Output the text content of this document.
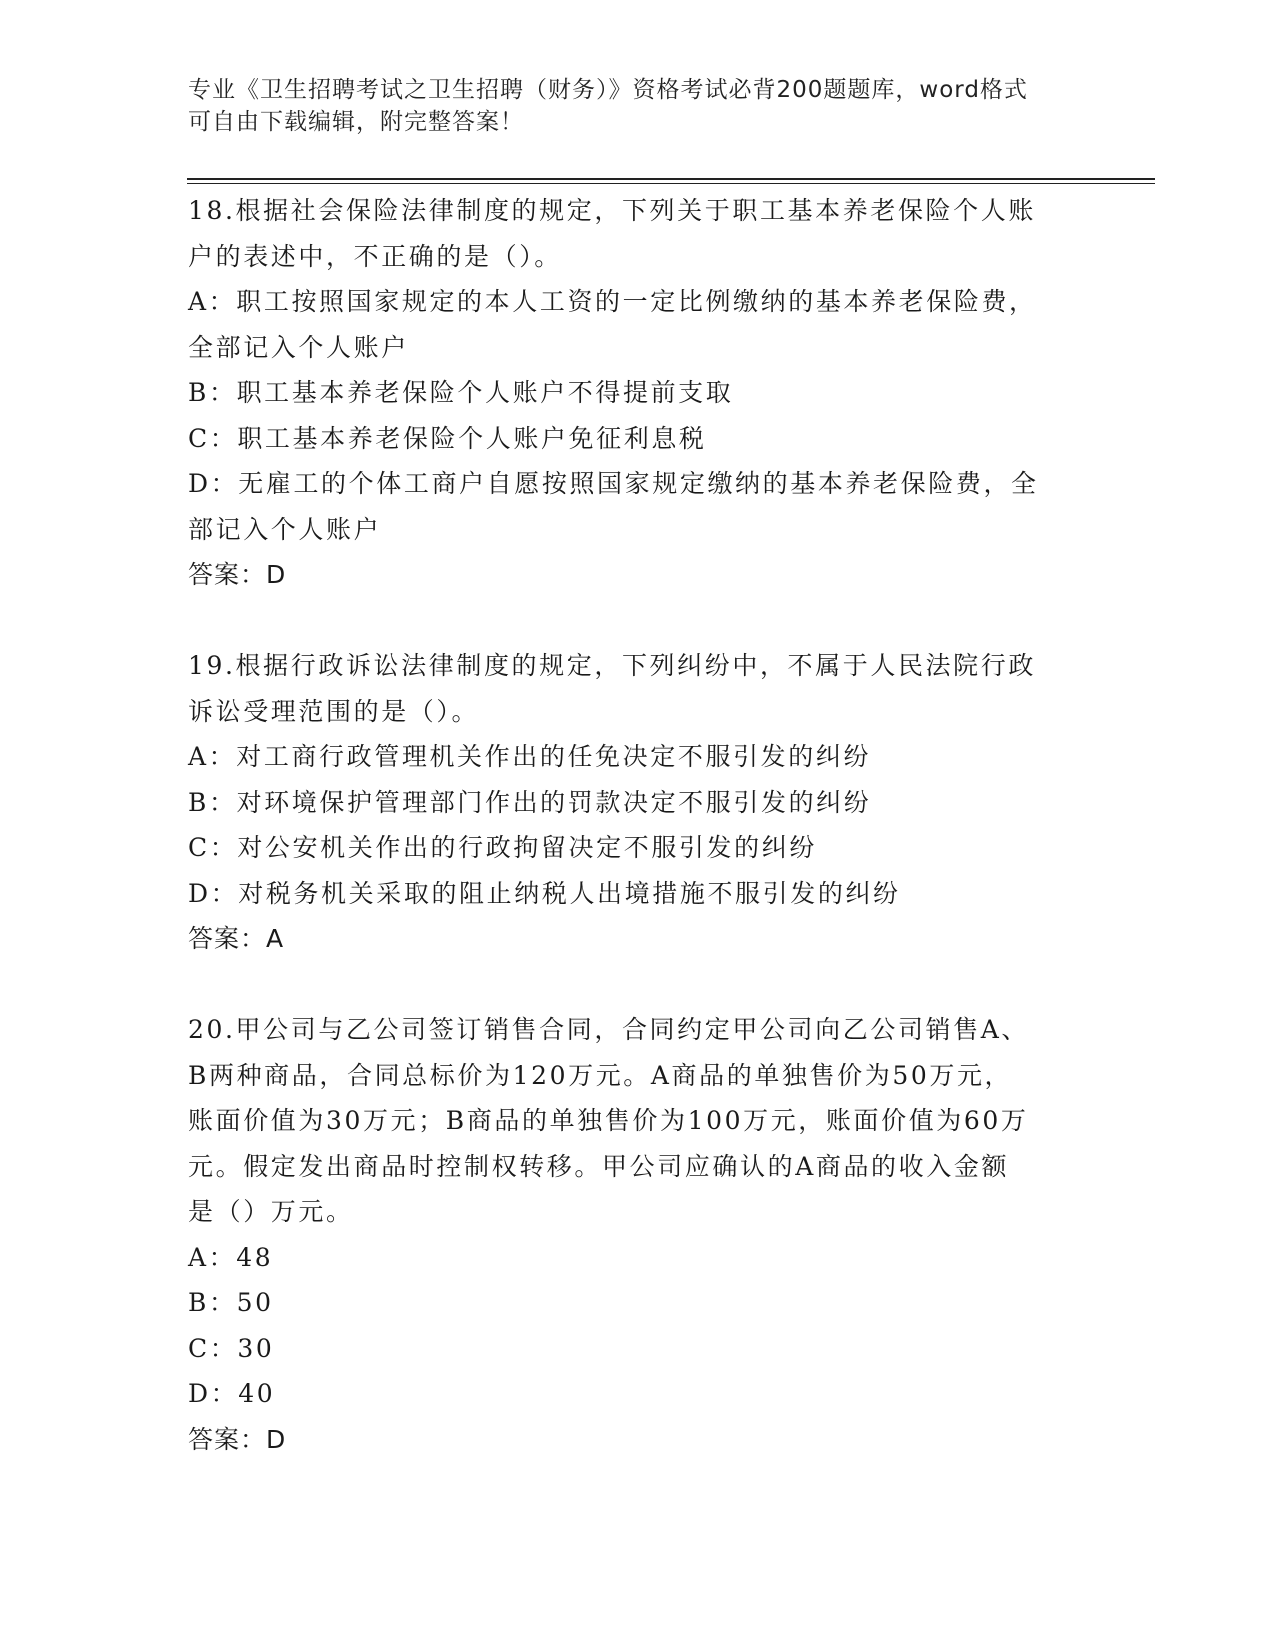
专业《卫生招聘考试之卫生招聘（财务）》资格考试必背200题题库，word格式

可自由下载编辑，附完整答案！

18.根据社会保险法律制度的规定，下列关于职工基本养老保险个人账

户的表述中，不正确的是（）。

A：职工按照国家规定的本人工资的一定比例缴纳的基本养老保险费，

全部记入个人账户

B：职工基本养老保险个人账户不得提前支取

C：职工基本养老保险个人账户免征利息税

D：无雇工的个体工商户自愿按照国家规定缴纳的基本养老保险费，全

部记入个人账户

答案：D

19.根据行政诉讼法律制度的规定，下列纠纷中，不属于人民法院行政

诉讼受理范围的是（）。

A：对工商行政管理机关作出的任免决定不服引发的纠纷

B：对环境保护管理部门作出的罚款决定不服引发的纠纷

C：对公安机关作出的行政拘留决定不服引发的纠纷

D：对税务机关采取的阻止纳税人出境措施不服引发的纠纷

答案：A

20.甲公司与乙公司签订销售合同，合同约定甲公司向乙公司销售A、

B两种商品，合同总标价为120万元。A商品的单独售价为50万元，

账面价值为30万元；B商品的单独售价为100万元，账面价值为60万

元。假定发出商品时控制权转移。甲公司应确认的A商品的收入金额

是（）万元。

A：48

B：50

C：30

D：40

答案：D
